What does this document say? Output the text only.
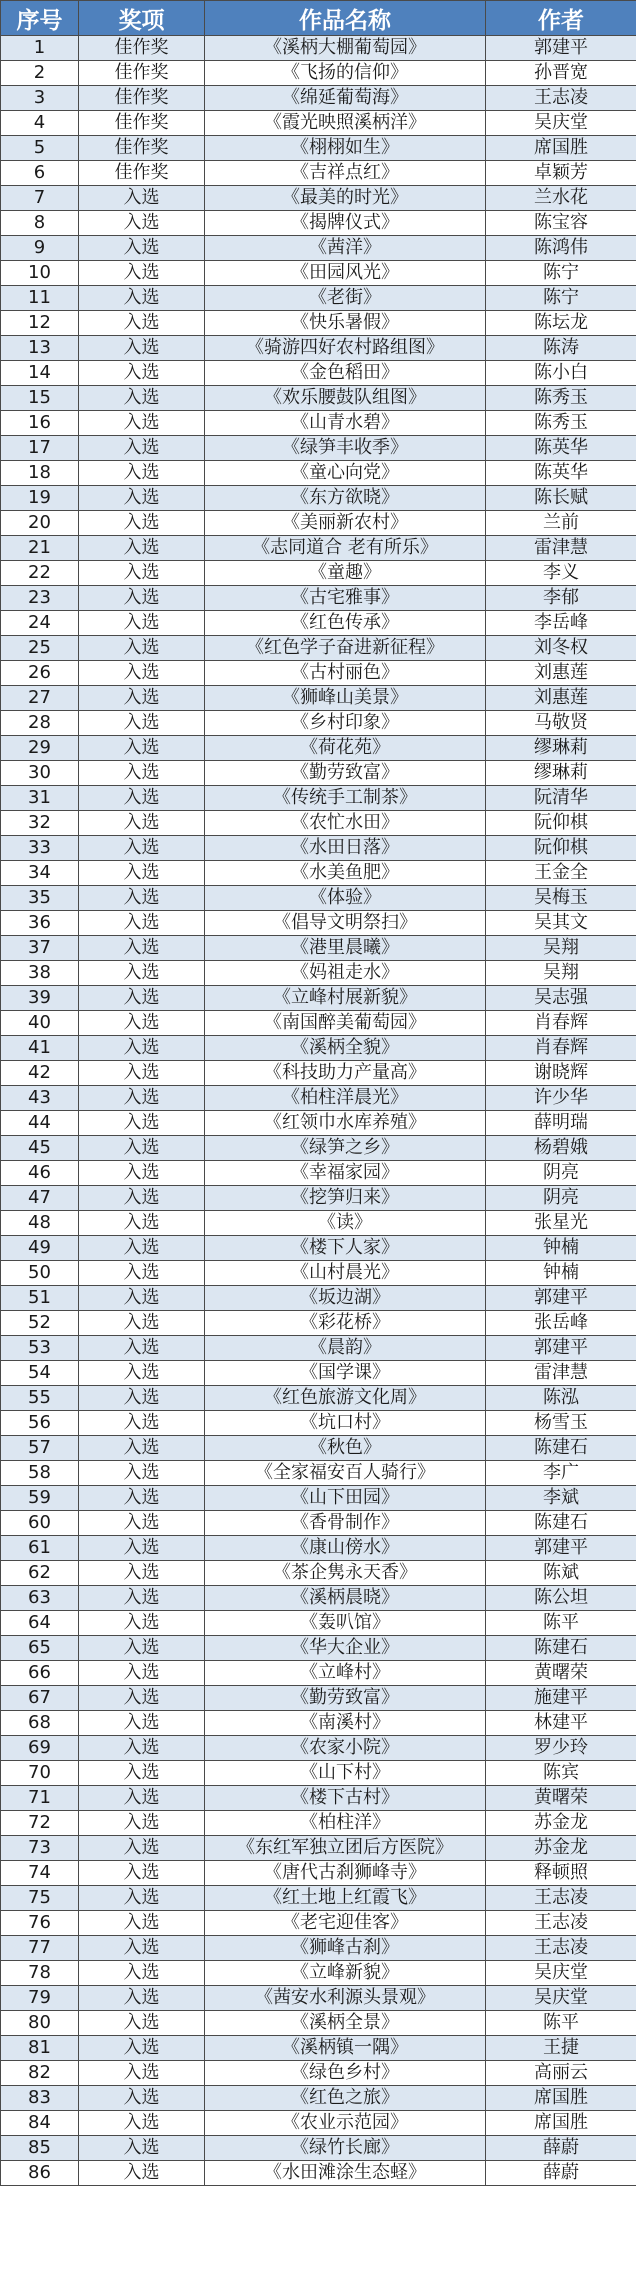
序号	奖项	作品名称	作者
1	佳作奖	《溪柄大棚葡萄园》	郭建平
2	佳作奖	《飞扬的信仰》	孙晋宽
3	佳作奖	《绵延葡萄海》	王志凌
4	佳作奖	《霞光映照溪柄洋》	吴庆堂
5	佳作奖	《栩栩如生》	席国胜
6	佳作奖	《吉祥点红》	卓颖芳
7	入选	《最美的时光》	兰水花
8	入选	《揭牌仪式》	陈宝容
9	入选	《茜洋》	陈鸿伟
10	入选	《田园风光》	陈宁
11	入选	《老街》	陈宁
12	入选	《快乐暑假》	陈坛龙
13	入选	《骑游四好农村路组图》	陈涛
14	入选	《金色稻田》	陈小白
15	入选	《欢乐腰鼓队组图》	陈秀玉
16	入选	《山青水碧》	陈秀玉
17	入选	《绿笋丰收季》	陈英华
18	入选	《童心向党》	陈英华
19	入选	《东方欲晓》	陈长赋
20	入选	《美丽新农村》	兰前
21	入选	《志同道合 老有所乐》	雷津慧
22	入选	《童趣》	李义
23	入选	《古宅雅事》	李郁
24	入选	《红色传承》	李岳峰
25	入选	《红色学子奋进新征程》	刘冬权
26	入选	《古村丽色》	刘惠莲
27	入选	《狮峰山美景》	刘惠莲
28	入选	《乡村印象》	马敬贤
29	入选	《荷花苑》	缪琳莉
30	入选	《勤劳致富》	缪琳莉
31	入选	《传统手工制茶》	阮清华
32	入选	《农忙水田》	阮仰棋
33	入选	《水田日落》	阮仰棋
34	入选	《水美鱼肥》	王金全
35	入选	《体验》	吴梅玉
36	入选	《倡导文明祭扫》	吴其文
37	入选	《港里晨曦》	吴翔
38	入选	《妈祖走水》	吴翔
39	入选	《立峰村展新貌》	吴志强
40	入选	《南国醉美葡萄园》	肖春辉
41	入选	《溪柄全貌》	肖春辉
42	入选	《科技助力产量高》	谢晓辉
43	入选	《柏柱洋晨光》	许少华
44	入选	《红领巾水库养殖》	薛明瑞
45	入选	《绿笋之乡》	杨碧娥
46	入选	《幸福家园》	阴亮
47	入选	《挖笋归来》	阴亮
48	入选	《读》	张星光
49	入选	《楼下人家》	钟楠
50	入选	《山村晨光》	钟楠
51	入选	《坂边湖》	郭建平
52	入选	《彩花桥》	张岳峰
53	入选	《晨韵》	郭建平
54	入选	《国学课》	雷津慧
55	入选	《红色旅游文化周》	陈泓
56	入选	《坑口村》	杨雪玉
57	入选	《秋色》	陈建石
58	入选	《全家福安百人骑行》	李广
59	入选	《山下田园》	李斌
60	入选	《香骨制作》	陈建石
61	入选	《康山傍水》	郭建平
62	入选	《茶企隽永天香》	陈斌
63	入选	《溪柄晨晓》	陈公坦
64	入选	《轰叭馆》	陈平
65	入选	《华大企业》	陈建石
66	入选	《立峰村》	黄曙荣
67	入选	《勤劳致富》	施建平
68	入选	《南溪村》	林建平
69	入选	《农家小院》	罗少玲
70	入选	《山下村》	陈宾
71	入选	《楼下古村》	黄曙荣
72	入选	《柏柱洋》	苏金龙
73	入选	《东红军独立团后方医院》	苏金龙
74	入选	《唐代古刹狮峰寺》	释顿照
75	入选	《红土地上红霞飞》	王志凌
76	入选	《老宅迎佳客》	王志凌
77	入选	《狮峰古刹》	王志凌
78	入选	《立峰新貌》	吴庆堂
79	入选	《茜安水利源头景观》	吴庆堂
80	入选	《溪柄全景》	陈平
81	入选	《溪柄镇一隅》	王捷
82	入选	《绿色乡村》	高丽云
83	入选	《红色之旅》	席国胜
84	入选	《农业示范园》	席国胜
85	入选	《绿竹长廊》	薛蔚
86	入选	《水田滩涂生态蛏》	薛蔚
